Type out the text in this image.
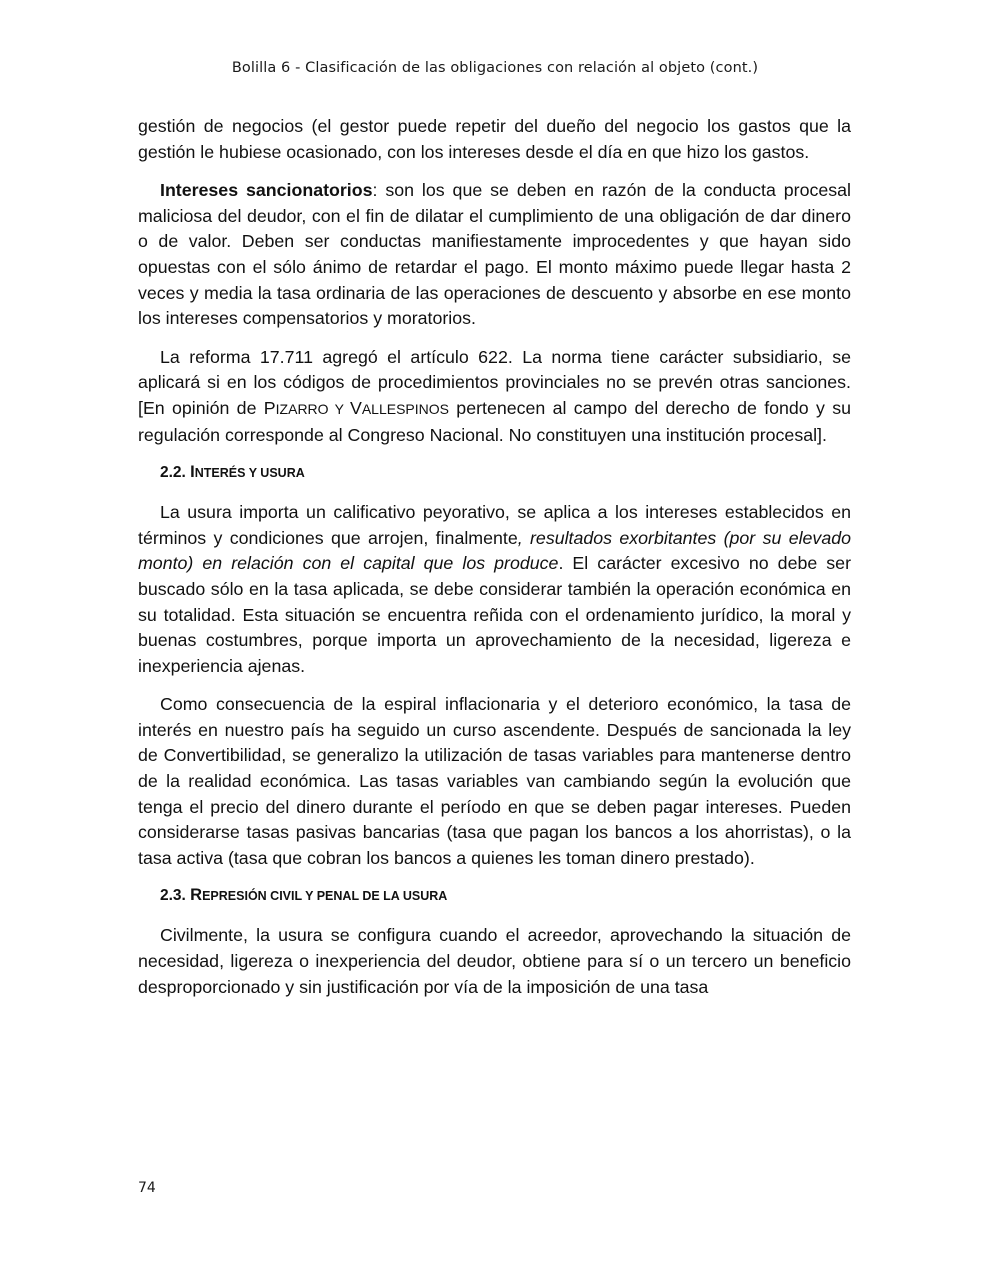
Bolilla 6 - Clasificación de las obligaciones con relación al objeto (cont.)

gestión de negocios (el gestor puede repetir del dueño del negocio los gastos que la gestión le hubiese ocasionado, con los intereses desde el día en que hizo los gastos.

Intereses sancionatorios: son los que se deben en razón de la conducta procesal maliciosa del deudor, con el fin de dilatar el cumplimiento de una obligación de dar dinero o de valor. Deben ser conductas manifiestamente improcedentes y que hayan sido opuestas con el sólo ánimo de retardar el pago. El monto máximo puede llegar hasta 2 veces y media la tasa ordinaria de las operaciones de descuento y absorbe en ese monto los intereses compensatorios y moratorios.

La reforma 17.711 agregó el artículo 622. La norma tiene carácter subsidiario, se aplicará si en los códigos de procedimientos provinciales no se prevén otras sanciones. [En opinión de PIZARRO Y VALLESPINOS pertenecen al campo del derecho de fondo y su regulación corresponde al Congreso Nacional. No constituyen una institución procesal].

2.2. INTERÉS Y USURA

La usura importa un calificativo peyorativo, se aplica a los intereses establecidos en términos y condiciones que arrojen, finalmente, resultados exorbitantes (por su elevado monto) en relación con el capital que los produce. El carácter excesivo no debe ser buscado sólo en la tasa aplicada, se debe considerar también la operación económica en su totalidad. Esta situación se encuentra reñida con el ordenamiento jurídico, la moral y buenas costumbres, porque importa un aprovechamiento de la necesidad, ligereza e inexperiencia ajenas.

Como consecuencia de la espiral inflacionaria y el deterioro económico, la tasa de interés en nuestro país ha seguido un curso ascendente. Después de sancionada la ley de Convertibilidad, se generalizo la utilización de tasas variables para mantenerse dentro de la realidad económica. Las tasas variables van cambiando según la evolución que tenga el precio del dinero durante el período en que se deben pagar intereses. Pueden considerarse tasas pasivas bancarias (tasa que pagan los bancos a los ahorristas), o la tasa activa (tasa que cobran los bancos a quienes les toman dinero prestado).

2.3. REPRESIÓN CIVIL Y PENAL DE LA USURA

Civilmente, la usura se configura cuando el acreedor, aprovechando la situación de necesidad, ligereza o inexperiencia del deudor, obtiene para sí o un tercero un beneficio desproporcionado y sin justificación por vía de la imposición de una tasa

74
